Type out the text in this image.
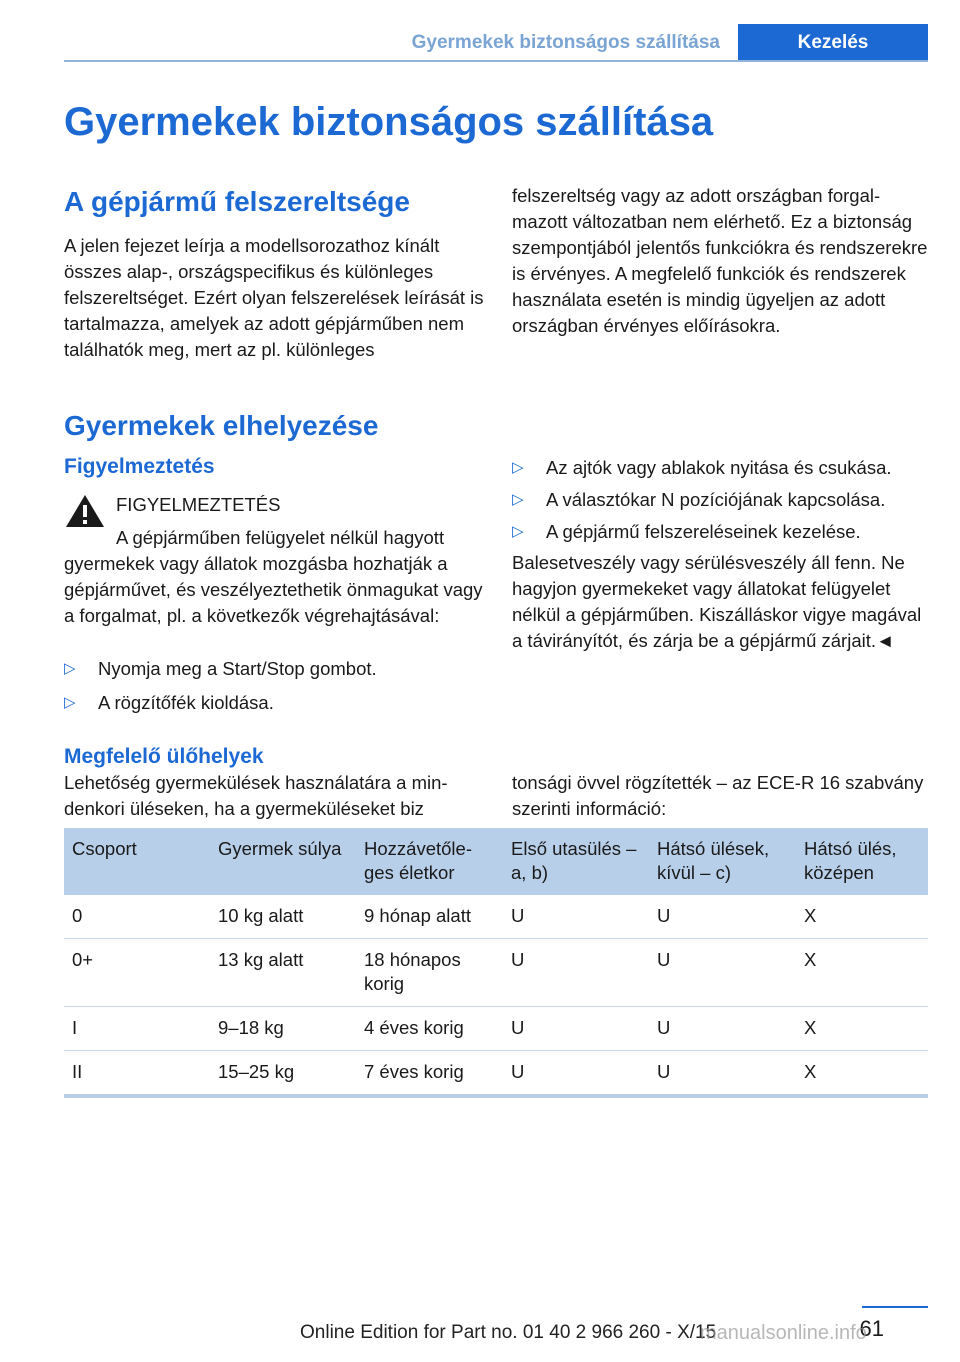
Gyermekek biztonságos szállítása	Kezelés
Gyermekek biztonságos szállítása
A gépjármű felszereltsége

A jelen fejezet leírja a modellsorozathoz kínált összes alap-, országspecifikus és különleges felszereltséget. Ezért olyan felszerelések leírását is tartalmazza, amelyek az adott gépjárműben nem találhatók meg, mert az pl. különleges

felszereltség vagy az adott országban forgalmazott változatban nem elérhető. Ez a biztonság szempontjából jelentős funkciókra és rendszerekre is érvényes. A megfelelő funkciók és rendszerek használata esetén is mindig ügyeljen az adott országban érvényes előírásokra.

Gyermekek elhelyezése
Figyelmeztetés
FIGYELMEZTETÉS

A gépjárműben felügyelet nélkül hagyott gyermekek vagy állatok mozgásba hozhatják a gépjárművet, és veszélyeztethetik önmagukat vagy a forgalmat, pl. a következők végrehajtásával:

▷	Nyomja meg a Start/Stop gombot.
▷	A rögzítőfék kioldása.
▷	Az ajtók vagy ablakok nyitása és csukása.
▷	A választókar N pozíciójának kapcsolása.
▷	A gépjármű felszereléseinek kezelése.

Balesetveszély vagy sérülésveszély áll fenn. Ne hagyjon gyermekeket vagy állatokat felügyelet nélkül a gépjárműben. Kiszálláskor vigye magával a távirányítót, és zárja be a gépjármű zárjait.◄

Megfelelő ülőhelyek

Lehetőség gyermekülések használatára a mindenkori üléseken, ha a gyermeküléseket biz

tonsági övvel rögzítették – az ECE-R 16 szabvány szerinti információ:

Csoport	Gyermek súlya	Hozzávetőleges életkor	Első utasülés – a, b)	Hátsó ülések, kívül – c)	Hátsó ülés, középen
0	10 kg alatt	9 hónap alatt	U	U	X
0+	13 kg alatt	18 hónapos korig	U	U	X
I	9–18 kg	4 éves korig	U	U	X
II	15–25 kg	7 éves korig	U	U	X
61
Online Edition for Part no. 01 40 2 966 260 - X/15
manualsonline.info
